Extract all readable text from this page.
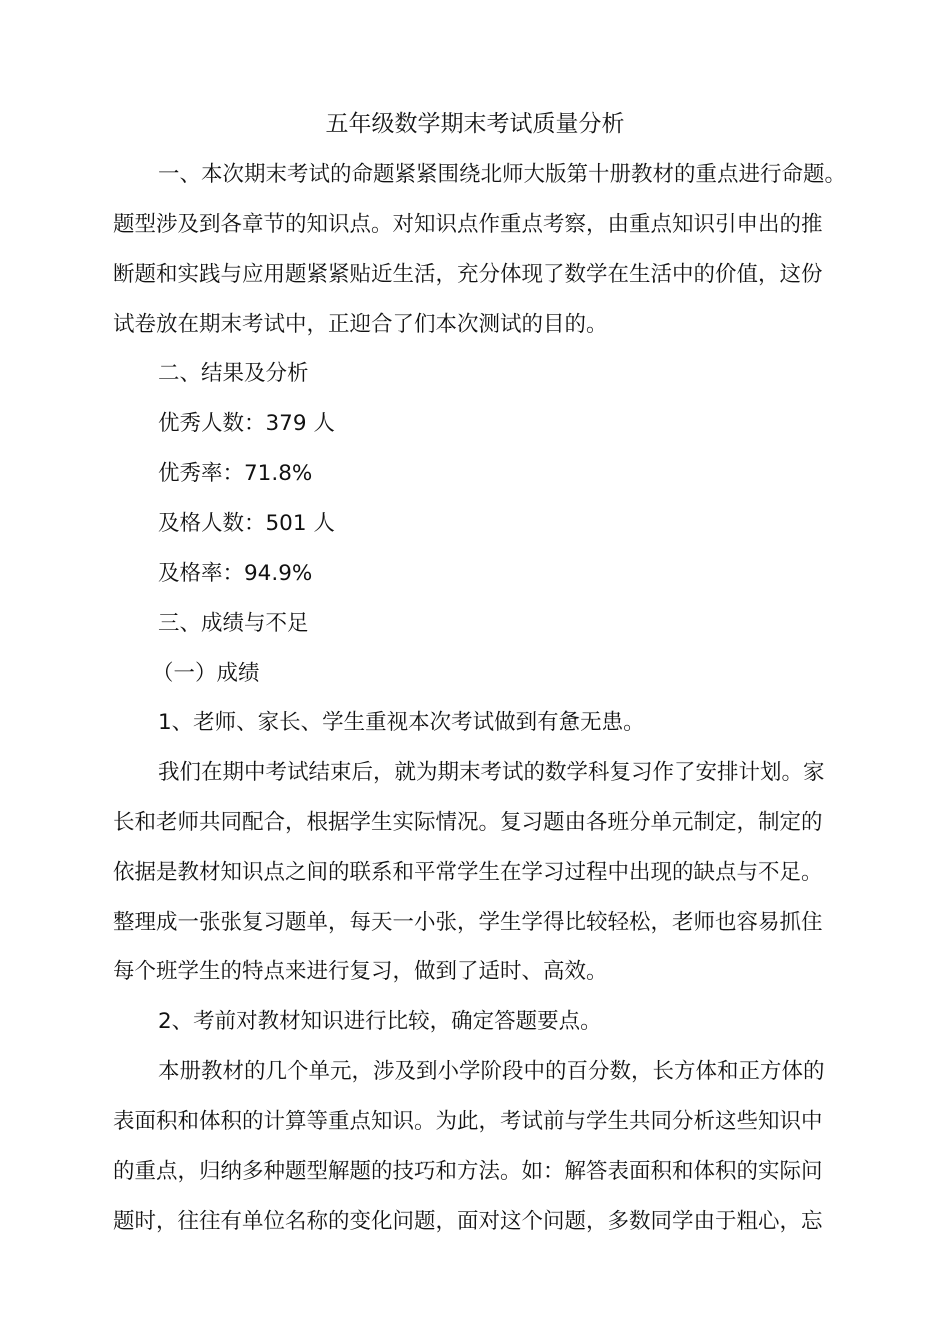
五年级数学期末考试质量分析
一、本次期末考试的命题紧紧围绕北师大版第十册教材的重点进行命题。
题型涉及到各章节的知识点。对知识点作重点考察，由重点知识引申出的推
断题和实践与应用题紧紧贴近生活，充分体现了数学在生活中的价值，这份
试卷放在期末考试中，正迎合了们本次测试的目的。
二、结果及分析
优秀人数：379 人
优秀率：71.8%
及格人数：501 人
及格率：94.9%
三、成绩与不足
（一）成绩
1、老师、家长、学生重视本次考试做到有惫无患。
我们在期中考试结束后，就为期末考试的数学科复习作了安排计划。家
长和老师共同配合，根据学生实际情况。复习题由各班分单元制定，制定的
依据是教材知识点之间的联系和平常学生在学习过程中出现的缺点与不足。
整理成一张张复习题单，每天一小张，学生学得比较轻松，老师也容易抓住
每个班学生的特点来进行复习，做到了适时、高效。
2、考前对教材知识进行比较，确定答题要点。
本册教材的几个单元，涉及到小学阶段中的百分数，长方体和正方体的
表面积和体积的计算等重点知识。为此，考试前与学生共同分析这些知识中
的重点，归纳多种题型解题的技巧和方法。如：解答表面积和体积的实际问
题时，往往有单位名称的变化问题，面对这个问题，多数同学由于粗心，忘
